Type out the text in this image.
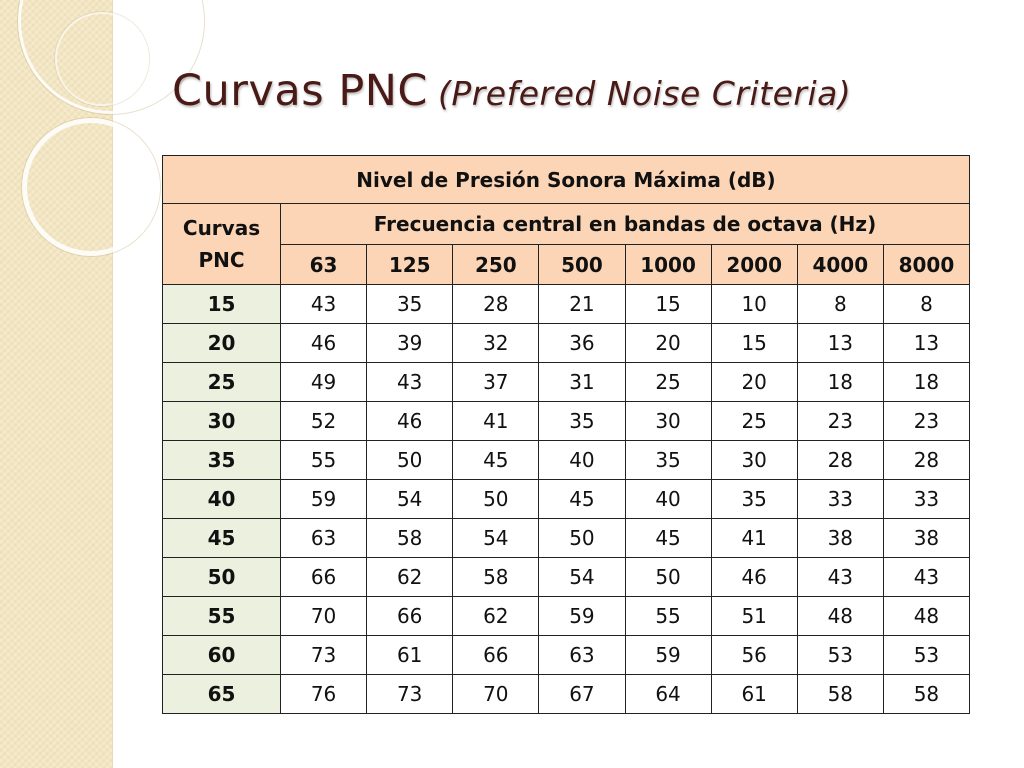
Curvas PNC (Prefered Noise Criteria)
Nivel de Presión Sonora Máxima (dB)								

Curvas
PNC	Frecuencia central en bandas de octava (Hz)							
	63	125	250	500	1000	2000	4000	8000
15	43	35	28	21	15	10	8	8
20	46	39	32	36	20	15	13	13
25	49	43	37	31	25	20	18	18
30	52	46	41	35	30	25	23	23
35	55	50	45	40	35	30	28	28
40	59	54	50	45	40	35	33	33
45	63	58	54	50	45	41	38	38
50	66	62	58	54	50	46	43	43
55	70	66	62	59	55	51	48	48
60	73	61	66	63	59	56	53	53
65	76	73	70	67	64	61	58	58
